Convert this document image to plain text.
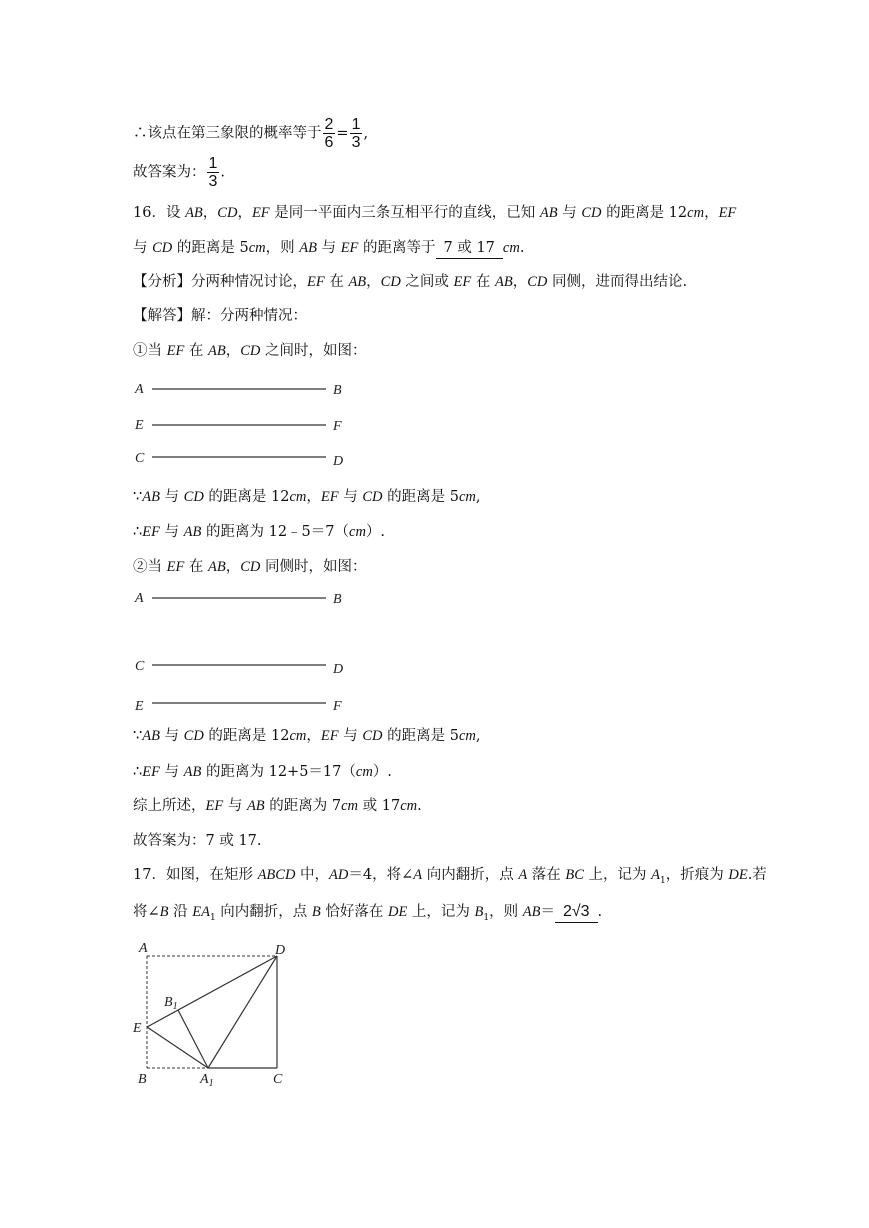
∴该点在第三象限的概率等于 $\frac{2}{6} = \frac{1}{3}$ ,
故答案为： $\frac{1}{3}$ .
16．设 AB，CD，EF 是同一平面内三条互相平行的直线，已知 AB 与 CD 的距离是 12cm，EF
与 CD 的距离是 5cm，则 AB 与 EF 的距离等于 7 或 17 cm.
【分析】分两种情况讨论，EF 在 AB，CD 之间或 EF 在 AB，CD 同侧，进而得出结论.
【解答】解：分两种情况：
①当 EF 在 AB，CD 之间时，如图：
A	B
E	F
C	D
∵AB 与 CD 的距离是 12cm，EF 与 CD 的距离是 5cm,
∴EF 与 AB 的距离为 12﹣5＝7（cm）.
②当 EF 在 AB，CD 同侧时，如图：
A	B
C	D
E	F
∵AB 与 CD 的距离是 12cm，EF 与 CD 的距离是 5cm,
∴EF 与 AB 的距离为 12+5＝17（cm）.
综上所述，EF 与 AB 的距离为 7cm 或 17cm.
故答案为：7 或 17.
17．如图，在矩形 ABCD 中，AD＝4，将∠A 向内翻折，点 A 落在 BC 上，记为 $A_1$，折痕为 DE.若
将∠B 沿 $EA_1$ 向内翻折，点 B 恰好落在 DE 上，记为 $B_1$，则 AB＝ 2√3 .
A	D
$B_1$
E
B	$A_1$	C
